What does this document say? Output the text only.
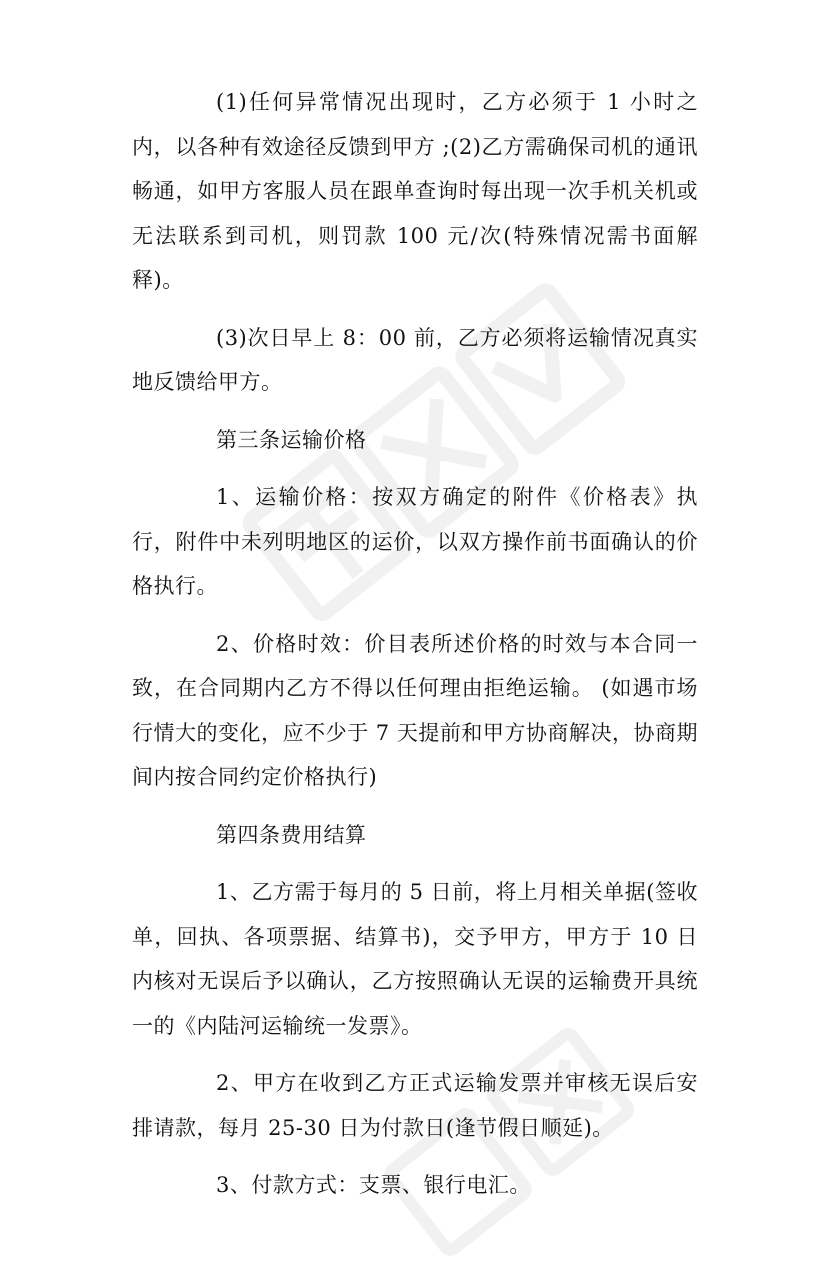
(1)任何异常情况出现时，乙方必须于 1 小时之内，以各种有效途径反馈到甲方 ;(2)乙方需确保司机的通讯畅通，如甲方客服人员在跟单查询时每出现一次手机关机或无法联系到司机，则罚款 100 元/次(特殊情况需书面解释)。

(3)次日早上 8：00 前，乙方必须将运输情况真实地反馈给甲方。

第三条运输价格

1、运输价格：按双方确定的附件《价格表》执行，附件中未列明地区的运价，以双方操作前书面确认的价格执行。

2、价格时效：价目表所述价格的时效与本合同一致，在合同期内乙方不得以任何理由拒绝运输。 (如遇市场行情大的变化，应不少于 7 天提前和甲方协商解决，协商期间内按合同约定价格执行)

第四条费用结算

1、乙方需于每月的 5 日前，将上月相关单据(签收单，回执、各项票据、结算书)，交予甲方，甲方于 10 日内核对无误后予以确认，乙方按照确认无误的运输费开具统一的《内陆河运输统一发票》。

2、甲方在收到乙方正式运输发票并审核无误后安排请款，每月 25-30 日为付款日(逢节假日顺延)。

3、付款方式：支票、银行电汇。
